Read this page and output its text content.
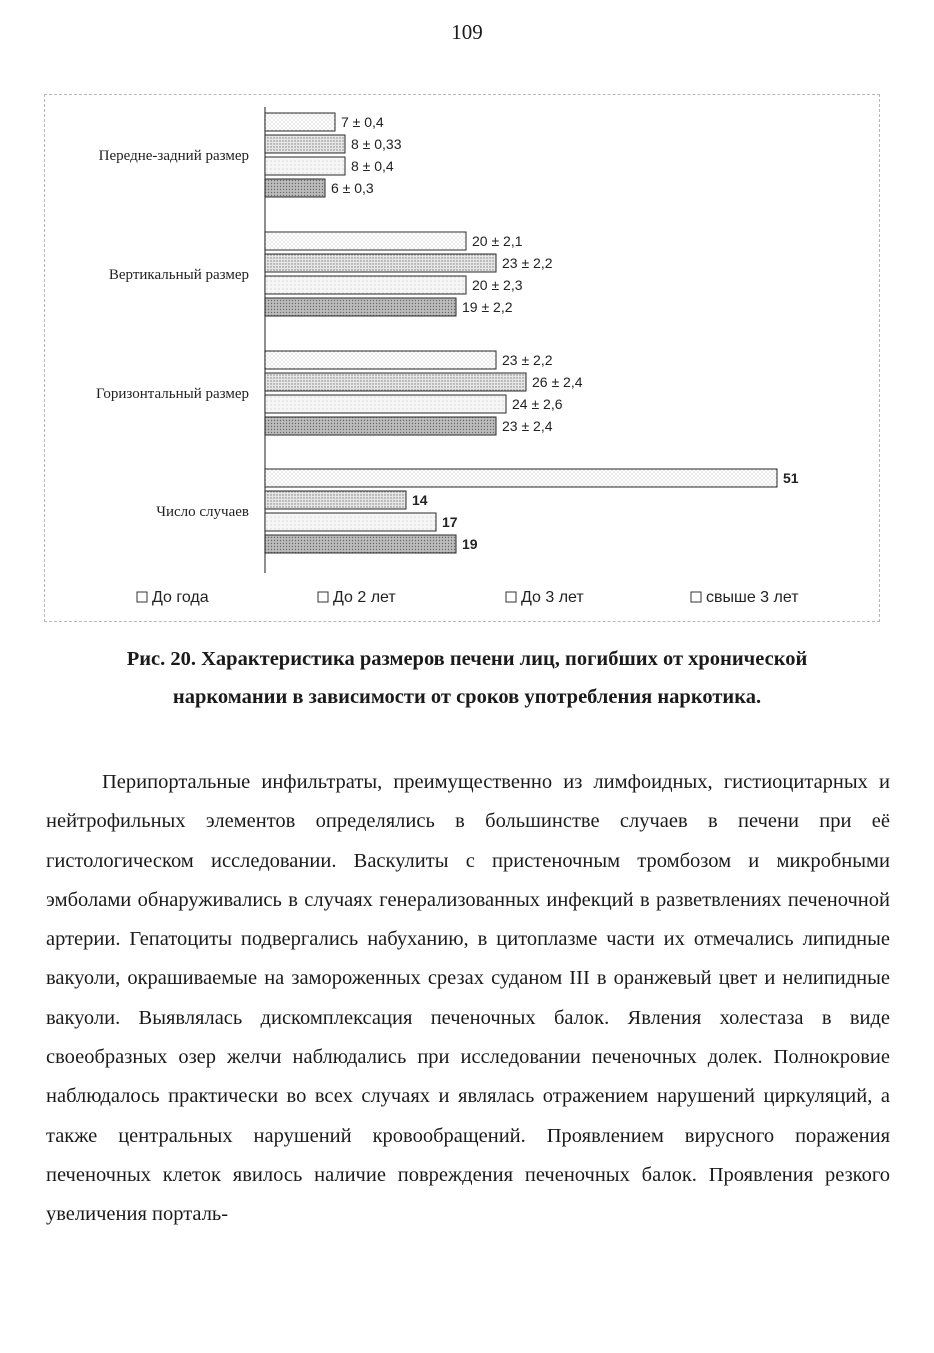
109
7 ± 0,4
8 ± 0,33
8 ± 0,4
6 ± 0,3
20 ± 2,1
23 ± 2,2
20 ± 2,3
19 ± 2,2
23 ± 2,2
26 ± 2,4
24 ± 2,6
23 ± 2,4
51
14
17
19
Передне-задний размер
Вертикальный размер
Горизонтальный размер
Число случаев
До года	До 2 лет	До 3 лет	свыше 3 лет
Рис. 20. Характеристика размеров печени лиц, погибших от хронической
наркомании в зависимости от сроков употребления наркотика.

Перипортальные инфильтраты, преимущественно из лимфоидных, гистиоцитарных и нейтрофильных элементов определялись в большинстве случаев в печени при её гистологическом исследовании. Васкулиты с пристеночным тромбозом и микробными эмболами обнаруживались в случаях генерализованных инфекций в разветвлениях печеночной артерии. Гепатоциты подвергались набуханию, в цитоплазме части их отмечались липидные вакуоли, окрашиваемые на замороженных срезах суданом III в оранжевый цвет и нелипидные вакуоли. Выявлялась дискомплексация печеночных балок. Явления холестаза в виде своеобразных озер желчи наблюдались при исследовании печеночных долек. Полнокровие наблюдалось практически во всех случаях и являлась отражением нарушений циркуляций, а также центральных нарушений кровообращений. Проявлением вирусного поражения печеночных клеток явилось наличие повреждения печеночных балок. Проявления резкого увеличения порталь-
